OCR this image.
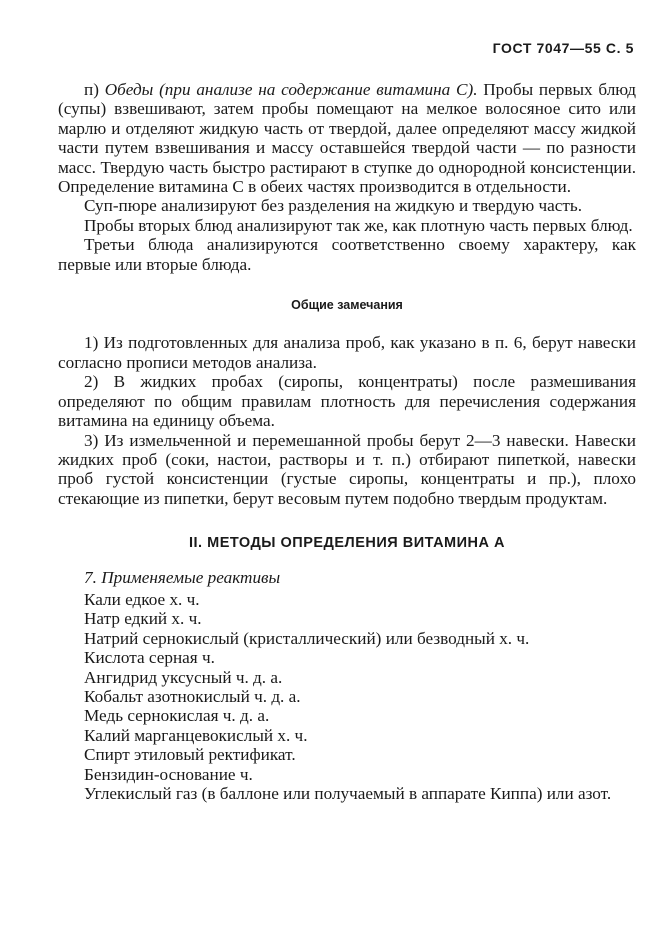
ГОСТ 7047—55 С. 5

п) Обеды (при анализе на содержание витамина С). Пробы первых блюд (супы) взвешивают, затем пробы помещают на мелкое волосяное сито или марлю и отделяют жидкую часть от твердой, далее определяют массу жидкой части путем взвешивания и массу оставшейся твердой части — по разности масс. Твердую часть быстро растирают в ступке до однородной консистенции. Определение витамина С в обеих частях производится в отдельности.

Суп-пюре анализируют без разделения на жидкую и твердую часть.

Пробы вторых блюд анализируют так же, как плотную часть первых блюд.

Третьи блюда анализируются соответственно своему характеру, как первые или вторые блюда.

Общие замечания

1) Из подготовленных для анализа проб, как указано в п. 6, берут навески согласно прописи методов анализа.

2) В жидких пробах (сиропы, концентраты) после размешивания определяют по общим правилам плотность для перечисления содержания витамина на единицу объема.

3) Из измельченной и перемешанной пробы берут 2—3 навески. Навески жидких проб (соки, настои, растворы и т. п.) отбирают пипеткой, навески проб густой консистенции (густые сиропы, концентраты и пр.), плохо стекающие из пипетки, берут весовым путем подобно твердым продуктам.

II. МЕТОДЫ ОПРЕДЕЛЕНИЯ ВИТАМИНА А

7. Применяемые реактивы

Кали едкое х. ч.
Натр едкий х. ч.
Натрий сернокислый (кристаллический) или безводный х. ч.
Кислота серная ч.
Ангидрид уксусный ч. д. а.
Кобальт азотнокислый ч. д. а.
Медь сернокислая ч. д. а.
Калий марганцевокислый х. ч.
Спирт этиловый ректификат.
Бензидин-основание ч.
Углекислый газ (в баллоне или получаемый в аппарате Киппа) или азот.
